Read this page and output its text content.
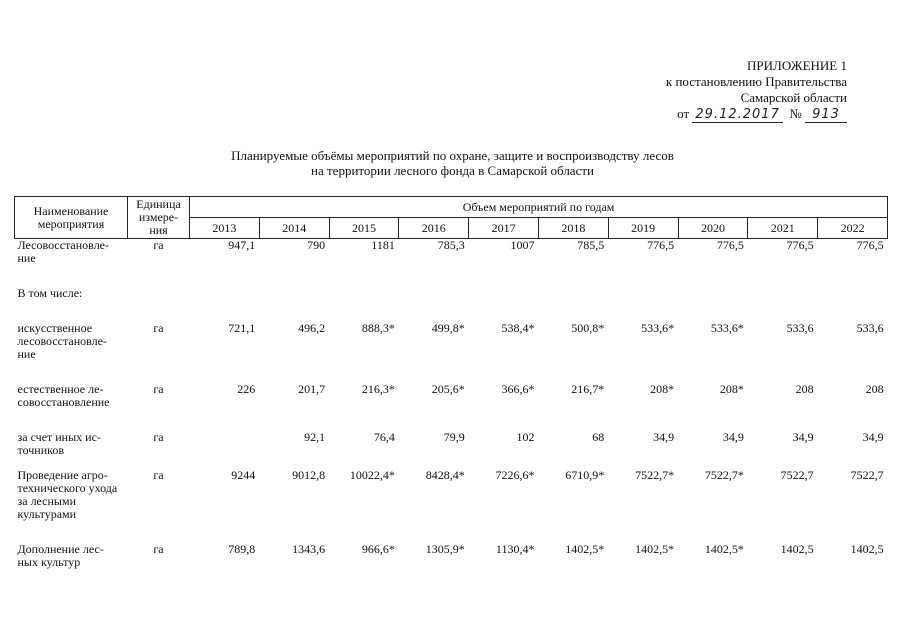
ПРИЛОЖЕНИЕ 1
к постановлению Правительства
Самарской области
от 29.12.2017 № 913
Планируемые объёмы мероприятий по охране, защите и воспроизводству лесов
на территории лесного фонда в Самарской области
Наименование мероприятия	Единица измере-ния	Объем мероприятий по годам									
		2013	2014	2015	2016	2017	2018	2019	2020	2021	2022
Лесовосстановле-ние	га	947,1	790	1181	785,3	1007	785,5	776,5	776,5	776,5	776,5

В том числе:											

искусственное лесовосстановле-ние	га	721,1	496,2	888,3*	499,8*	538,4*	500,8*	533,6*	533,6*	533,6	533,6

естественное ле-совосстановление	га	226	201,7	216,3*	205,6*	366,6*	216,7*	208*	208*	208	208

за счет иных ис-точников	га		92,1	76,4	79,9	102	68	34,9	34,9	34,9	34,9

Проведение агро-технического ухода за лесными культурами	га	9244	9012,8	10022,4*	8428,4*	7226,6*	6710,9*	7522,7*	7522,7*	7522,7	7522,7

Дополнение лес-ных культур	га	789,8	1343,6	966,6*	1305,9*	1130,4*	1402,5*	1402,5*	1402,5*	1402,5	1402,5
